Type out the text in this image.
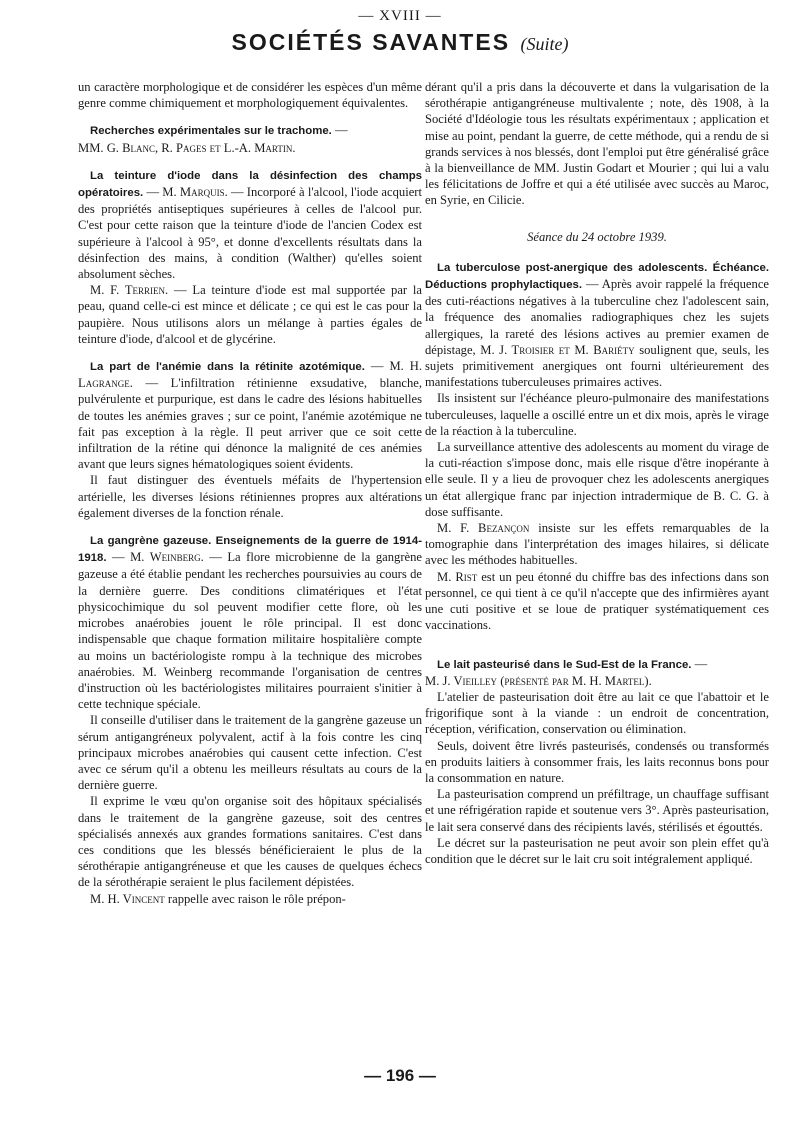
— XVIII —
SOCIÉTÉS SAVANTES (Suite)

un caractère morphologique et de considérer les espèces d'un même genre comme chimiquement et morphologiquement équivalentes.

Recherches expérimentales sur le trachome. —

MM. G. Blanc, R. Pages et L.-A. Martin.

La teinture d'iode dans la désinfection des champs opératoires. — M. Marquis. — Incorporé à l'alcool, l'iode acquiert des propriétés antiseptiques supérieures à celles de l'alcool pur. C'est pour cette raison que la teinture d'iode de l'ancien Codex est supérieure à l'alcool à 95°, et donne d'excellents résultats dans la désinfection des mains, à condition (Walther) qu'elles soient absolument sèches.

M. F. Terrien. — La teinture d'iode est mal supportée par la peau, quand celle-ci est mince et délicate ; ce qui est le cas pour la paupière. Nous utilisons alors un mélange à parties égales de teinture d'iode, d'alcool et de glycérine.

La part de l'anémie dans la rétinite azotémique. — M. H. Lagrange. — L'infiltration rétinienne exsudative, blanche, pulvérulente et purpurique, est dans le cadre des lésions habituelles de toutes les anémies graves ; sur ce point, l'anémie azotémique ne fait pas exception à la règle. Il peut arriver que ce soit cette infiltration de la rétine qui dénonce la malignité de ces anémies avant que leurs signes hématologiques soient évidents.

Il faut distinguer des éventuels méfaits de l'hypertension artérielle, les diverses lésions rétiniennes propres aux altérations également diverses de la fonction rénale.

La gangrène gazeuse. Enseignements de la guerre de 1914-1918. — M. Weinberg. — La flore microbienne de la gangrène gazeuse a été établie pendant les recherches poursuivies au cours de la dernière guerre. Des conditions climatériques et l'état physicochimique du sol peuvent modifier cette flore, où les microbes anaérobies jouent le rôle principal. Il est donc indispensable que chaque formation militaire hospitalière compte au moins un bactériologiste rompu à la technique des microbes anaérobies. M. Weinberg recommande l'organisation de centres d'instruction où les bactériologistes militaires pourraient s'initier à cette technique spéciale.

Il conseille d'utiliser dans le traitement de la gangrène gazeuse un sérum antigangréneux polyvalent, actif à la fois contre les cinq principaux microbes anaérobies qui causent cette infection. C'est avec ce sérum qu'il a obtenu les meilleurs résultats au cours de la dernière guerre.

Il exprime le vœu qu'on organise soit des hôpitaux spécialisés dans le traitement de la gangrène gazeuse, soit des centres spécialisés annexés aux grandes formations sanitaires. C'est dans ces conditions que les blessés bénéficieraient le plus de la sérothérapie antigangréneuse et que les causes de quelques échecs de la sérothérapie seraient le plus facilement dépistées.

M. H. Vincent rappelle avec raison le rôle prépon-

dérant qu'il a pris dans la découverte et dans la vulgarisation de la sérothérapie antigangréneuse multivalente ; note, dès 1908, à la Société d'Idéologie tous les résultats expérimentaux ; application et mise au point, pendant la guerre, de cette méthode, qui a rendu de si grands services à nos blessés, dont l'emploi put être généralisé grâce à la bienveillance de MM. Justin Godart et Mourier ; qui lui a valu les félicitations de Joffre et qui a été utilisée avec succès au Maroc, en Syrie, en Cilicie.

Séance du 24 octobre 1939.

La tuberculose post-anergique des adolescents. Échéance. Déductions prophylactiques. — Après avoir rappelé la fréquence des cuti-réactions négatives à la tuberculine chez l'adolescent sain, la fréquence des anomalies radiographiques chez les sujets allergiques, la rareté des lésions actives au premier examen de dépistage, M. J. Troisier et M. Bariéty soulignent que, seuls, les sujets primitivement anergiques ont fourni ultérieurement des manifestations tuberculeuses primaires actives.

Ils insistent sur l'échéance pleuro-pulmonaire des manifestations tuberculeuses, laquelle a oscillé entre un et dix mois, après le virage de la réaction à la tuberculine.

La surveillance attentive des adolescents au moment du virage de la cuti-réaction s'impose donc, mais elle risque d'être inopérante à elle seule. Il y a lieu de provoquer chez les adolescents anergiques un état allergique franc par injection intradermique de B. C. G. à dose suffisante.

M. F. Bezançon insiste sur les effets remarquables de la tomographie dans l'interprétation des images hilaires, si délicate avec les méthodes habituelles.

M. Rist est un peu étonné du chiffre bas des infections dans son personnel, ce qui tient à ce qu'il n'accepte que des infirmières ayant une cuti positive et se loue de pratiquer systématiquement ces vaccinations.

Le lait pasteurisé dans le Sud-Est de la France. —

M. J. Vieilley (présenté par M. H. Martel).

L'atelier de pasteurisation doit être au lait ce que l'abattoir et le frigorifique sont à la viande : un endroit de concentration, réception, vérification, conservation ou élimination.

Seuls, doivent être livrés pasteurisés, condensés ou transformés en produits laitiers à consommer frais, les laits reconnus bons pour la consommation en nature.

La pasteurisation comprend un préfiltrage, un chauffage suffisant et une réfrigération rapide et soutenue vers 3°. Après pasteurisation, le lait sera conservé dans des récipients lavés, stérilisés et égouttés.

Le décret sur la pasteurisation ne peut avoir son plein effet qu'à condition que le décret sur le lait cru soit intégralement appliqué.

— 196 —
